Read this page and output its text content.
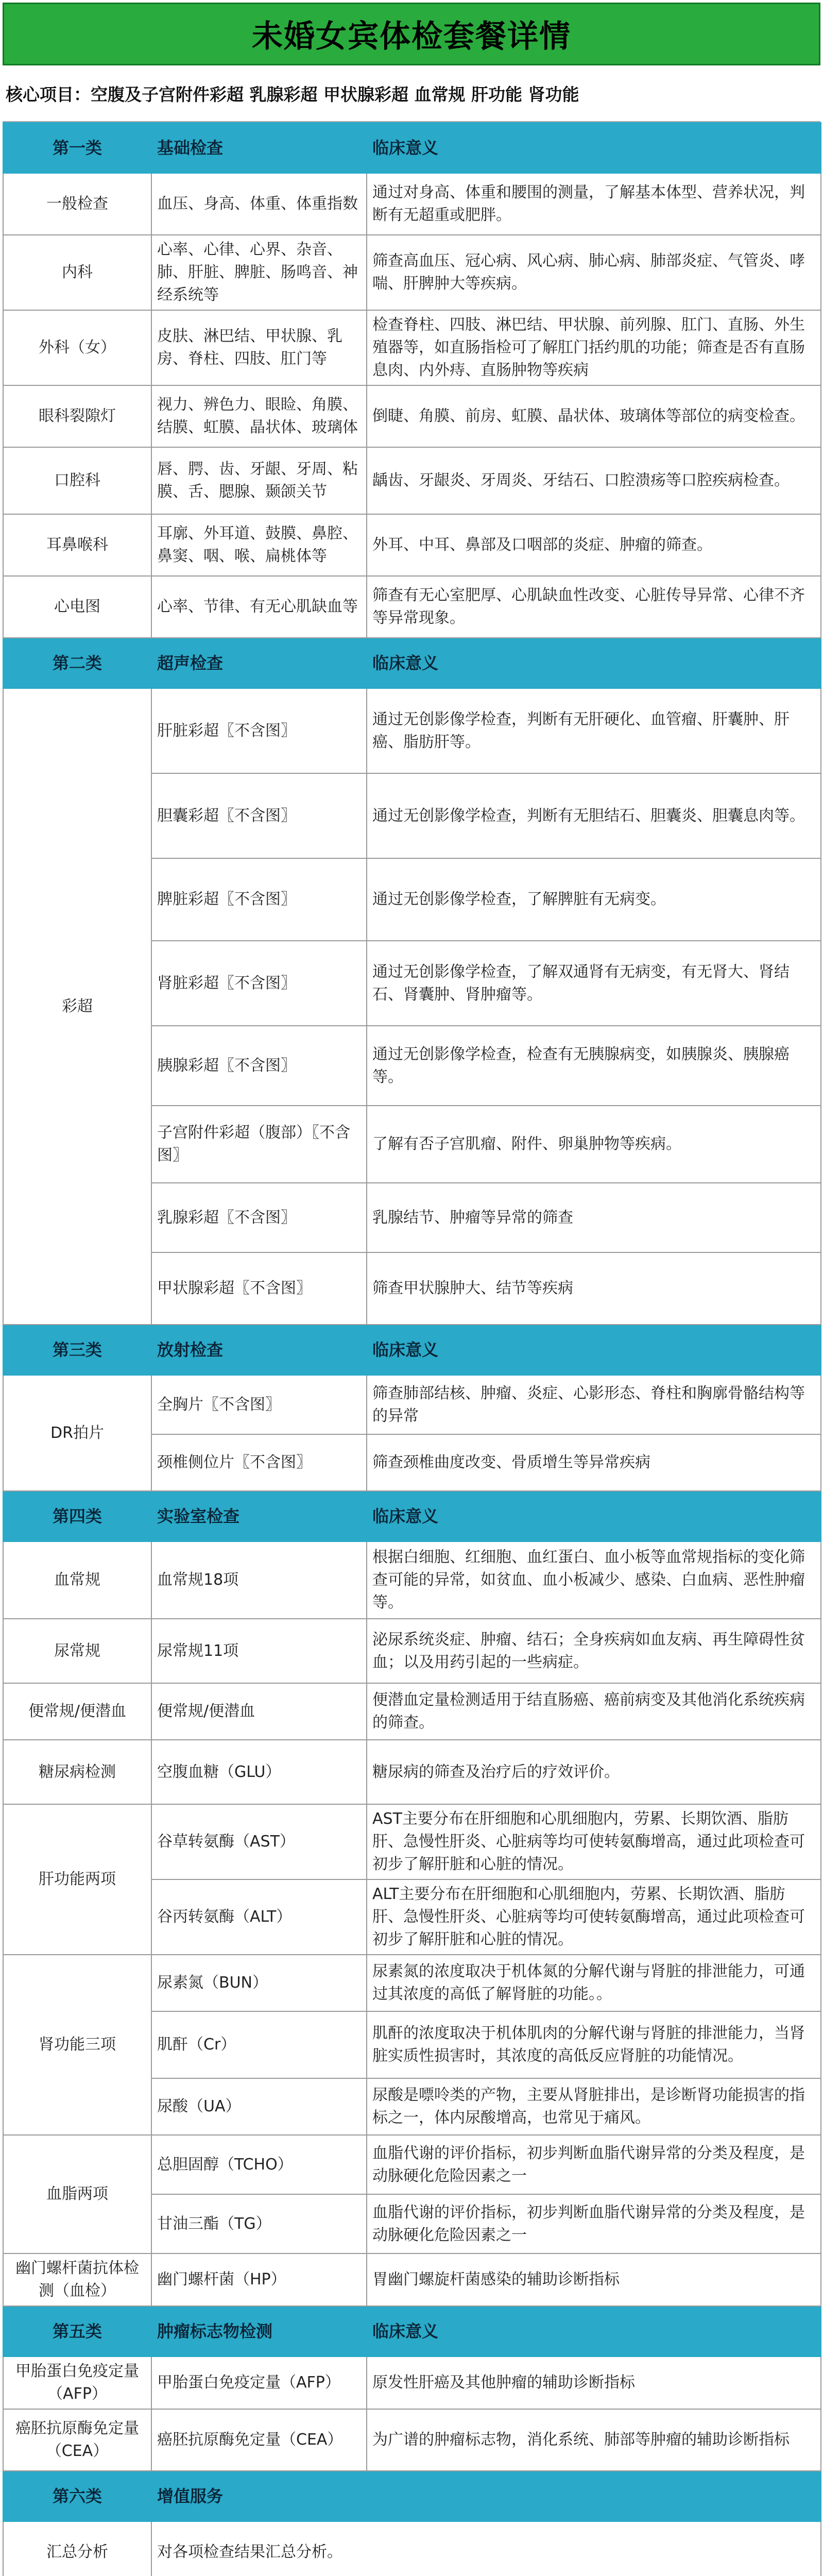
未婚女宾体检套餐详情
核心项目：空腹及子宫附件彩超 乳腺彩超 甲状腺彩超 血常规 肝功能 肾功能
第一类	基础检查	临床意义
一般检查	血压、身高、体重、体重指数	通过对身高、体重和腰围的测量，了解基本体型、营养状况，判断有无超重或肥胖。
内科	心率、心律、心界、杂音、肺、肝脏、脾脏、肠鸣音、神经系统等	筛查高血压、冠心病、风心病、肺心病、肺部炎症、气管炎、哮喘、肝脾肿大等疾病。
外科（女）	皮肤、淋巴结、甲状腺、乳房、脊柱、四肢、肛门等	检查脊柱、四肢、淋巴结、甲状腺、前列腺、肛门、直肠、外生殖器等，如直肠指检可了解肛门括约肌的功能；筛查是否有直肠息肉、内外痔、直肠肿物等疾病
眼科裂隙灯	视力、辨色力、眼睑、角膜、结膜、虹膜、晶状体、玻璃体	倒睫、角膜、前房、虹膜、晶状体、玻璃体等部位的病变检查。
口腔科	唇、腭、齿、牙龈、牙周、粘膜、舌、腮腺、颞颌关节	龋齿、牙龈炎、牙周炎、牙结石、口腔溃疡等口腔疾病检查。
耳鼻喉科	耳廓、外耳道、鼓膜、鼻腔、鼻窦、咽、喉、扁桃体等	外耳、中耳、鼻部及口咽部的炎症、肿瘤的筛查。
心电图	心率、节律、有无心肌缺血等	筛查有无心室肥厚、心肌缺血性改变、心脏传导异常、心律不齐等异常现象。
第二类	超声检查	临床意义
彩超	肝脏彩超〖不含图〗	通过无创影像学检查，判断有无肝硬化、血管瘤、肝囊肿、肝癌、脂肪肝等。
	胆囊彩超〖不含图〗	通过无创影像学检查，判断有无胆结石、胆囊炎、胆囊息肉等。
	脾脏彩超〖不含图〗	通过无创影像学检查，了解脾脏有无病变。
	肾脏彩超〖不含图〗	通过无创影像学检查，了解双通肾有无病变，有无肾大、肾结石、肾囊肿、肾肿瘤等。
	胰腺彩超〖不含图〗	通过无创影像学检查，检查有无胰腺病变，如胰腺炎、胰腺癌等。
	子宫附件彩超（腹部）〖不含图〗	了解有否子宫肌瘤、附件、卵巢肿物等疾病。
	乳腺彩超〖不含图〗	乳腺结节、肿瘤等异常的筛查
	甲状腺彩超〖不含图〗	筛查甲状腺肿大、结节等疾病
第三类	放射检查	临床意义
DR拍片	全胸片〖不含图〗	筛查肺部结核、肿瘤、炎症、心影形态、脊柱和胸廓骨骼结构等的异常
	颈椎侧位片〖不含图〗	筛查颈椎曲度改变、骨质增生等异常疾病
第四类	实验室检查	临床意义
血常规	血常规18项	根据白细胞、红细胞、血红蛋白、血小板等血常规指标的变化筛查可能的异常，如贫血、血小板减少、感染、白血病、恶性肿瘤等。
尿常规	尿常规11项	泌尿系统炎症、肿瘤、结石；全身疾病如血友病、再生障碍性贫血；以及用药引起的一些病症。
便常规/便潜血	便常规/便潜血	便潜血定量检测适用于结直肠癌、癌前病变及其他消化系统疾病的筛查。
糖尿病检测	空腹血糖（GLU）	糖尿病的筛查及治疗后的疗效评价。
肝功能两项	谷草转氨酶（AST）	AST主要分布在肝细胞和心肌细胞内，劳累、长期饮酒、脂肪肝、急慢性肝炎、心脏病等均可使转氨酶增高，通过此项检查可初步了解肝脏和心脏的情况。
	谷丙转氨酶（ALT）	ALT主要分布在肝细胞和心肌细胞内，劳累、长期饮酒、脂肪肝、急慢性肝炎、心脏病等均可使转氨酶增高，通过此项检查可初步了解肝脏和心脏的情况。
肾功能三项	尿素氮（BUN）	尿素氮的浓度取决于机体氮的分解代谢与肾脏的排泄能力，可通过其浓度的高低了解肾脏的功能。。
	肌酐（Cr）	肌酐的浓度取决于机体肌肉的分解代谢与肾脏的排泄能力，当肾脏实质性损害时，其浓度的高低反应肾脏的功能情况。
	尿酸（UA）	尿酸是嘌呤类的产物，主要从肾脏排出，是诊断肾功能损害的指标之一，体内尿酸增高，也常见于痛风。
血脂两项	总胆固醇（TCHO）	血脂代谢的评价指标，初步判断血脂代谢异常的分类及程度，是动脉硬化危险因素之一
	甘油三酯（TG）	血脂代谢的评价指标，初步判断血脂代谢异常的分类及程度，是动脉硬化危险因素之一
幽门螺杆菌抗体检测（血检）	幽门螺杆菌（HP）	胃幽门螺旋杆菌感染的辅助诊断指标
第五类	肿瘤标志物检测	临床意义
甲胎蛋白免疫定量（AFP）	甲胎蛋白免疫定量（AFP）	原发性肝癌及其他肿瘤的辅助诊断指标
癌胚抗原酶免定量（CEA）	癌胚抗原酶免定量（CEA）	为广谱的肿瘤标志物，消化系统、肺部等肿瘤的辅助诊断指标
第六类	增值服务	
汇总分析	对各项检查结果汇总分析。	
